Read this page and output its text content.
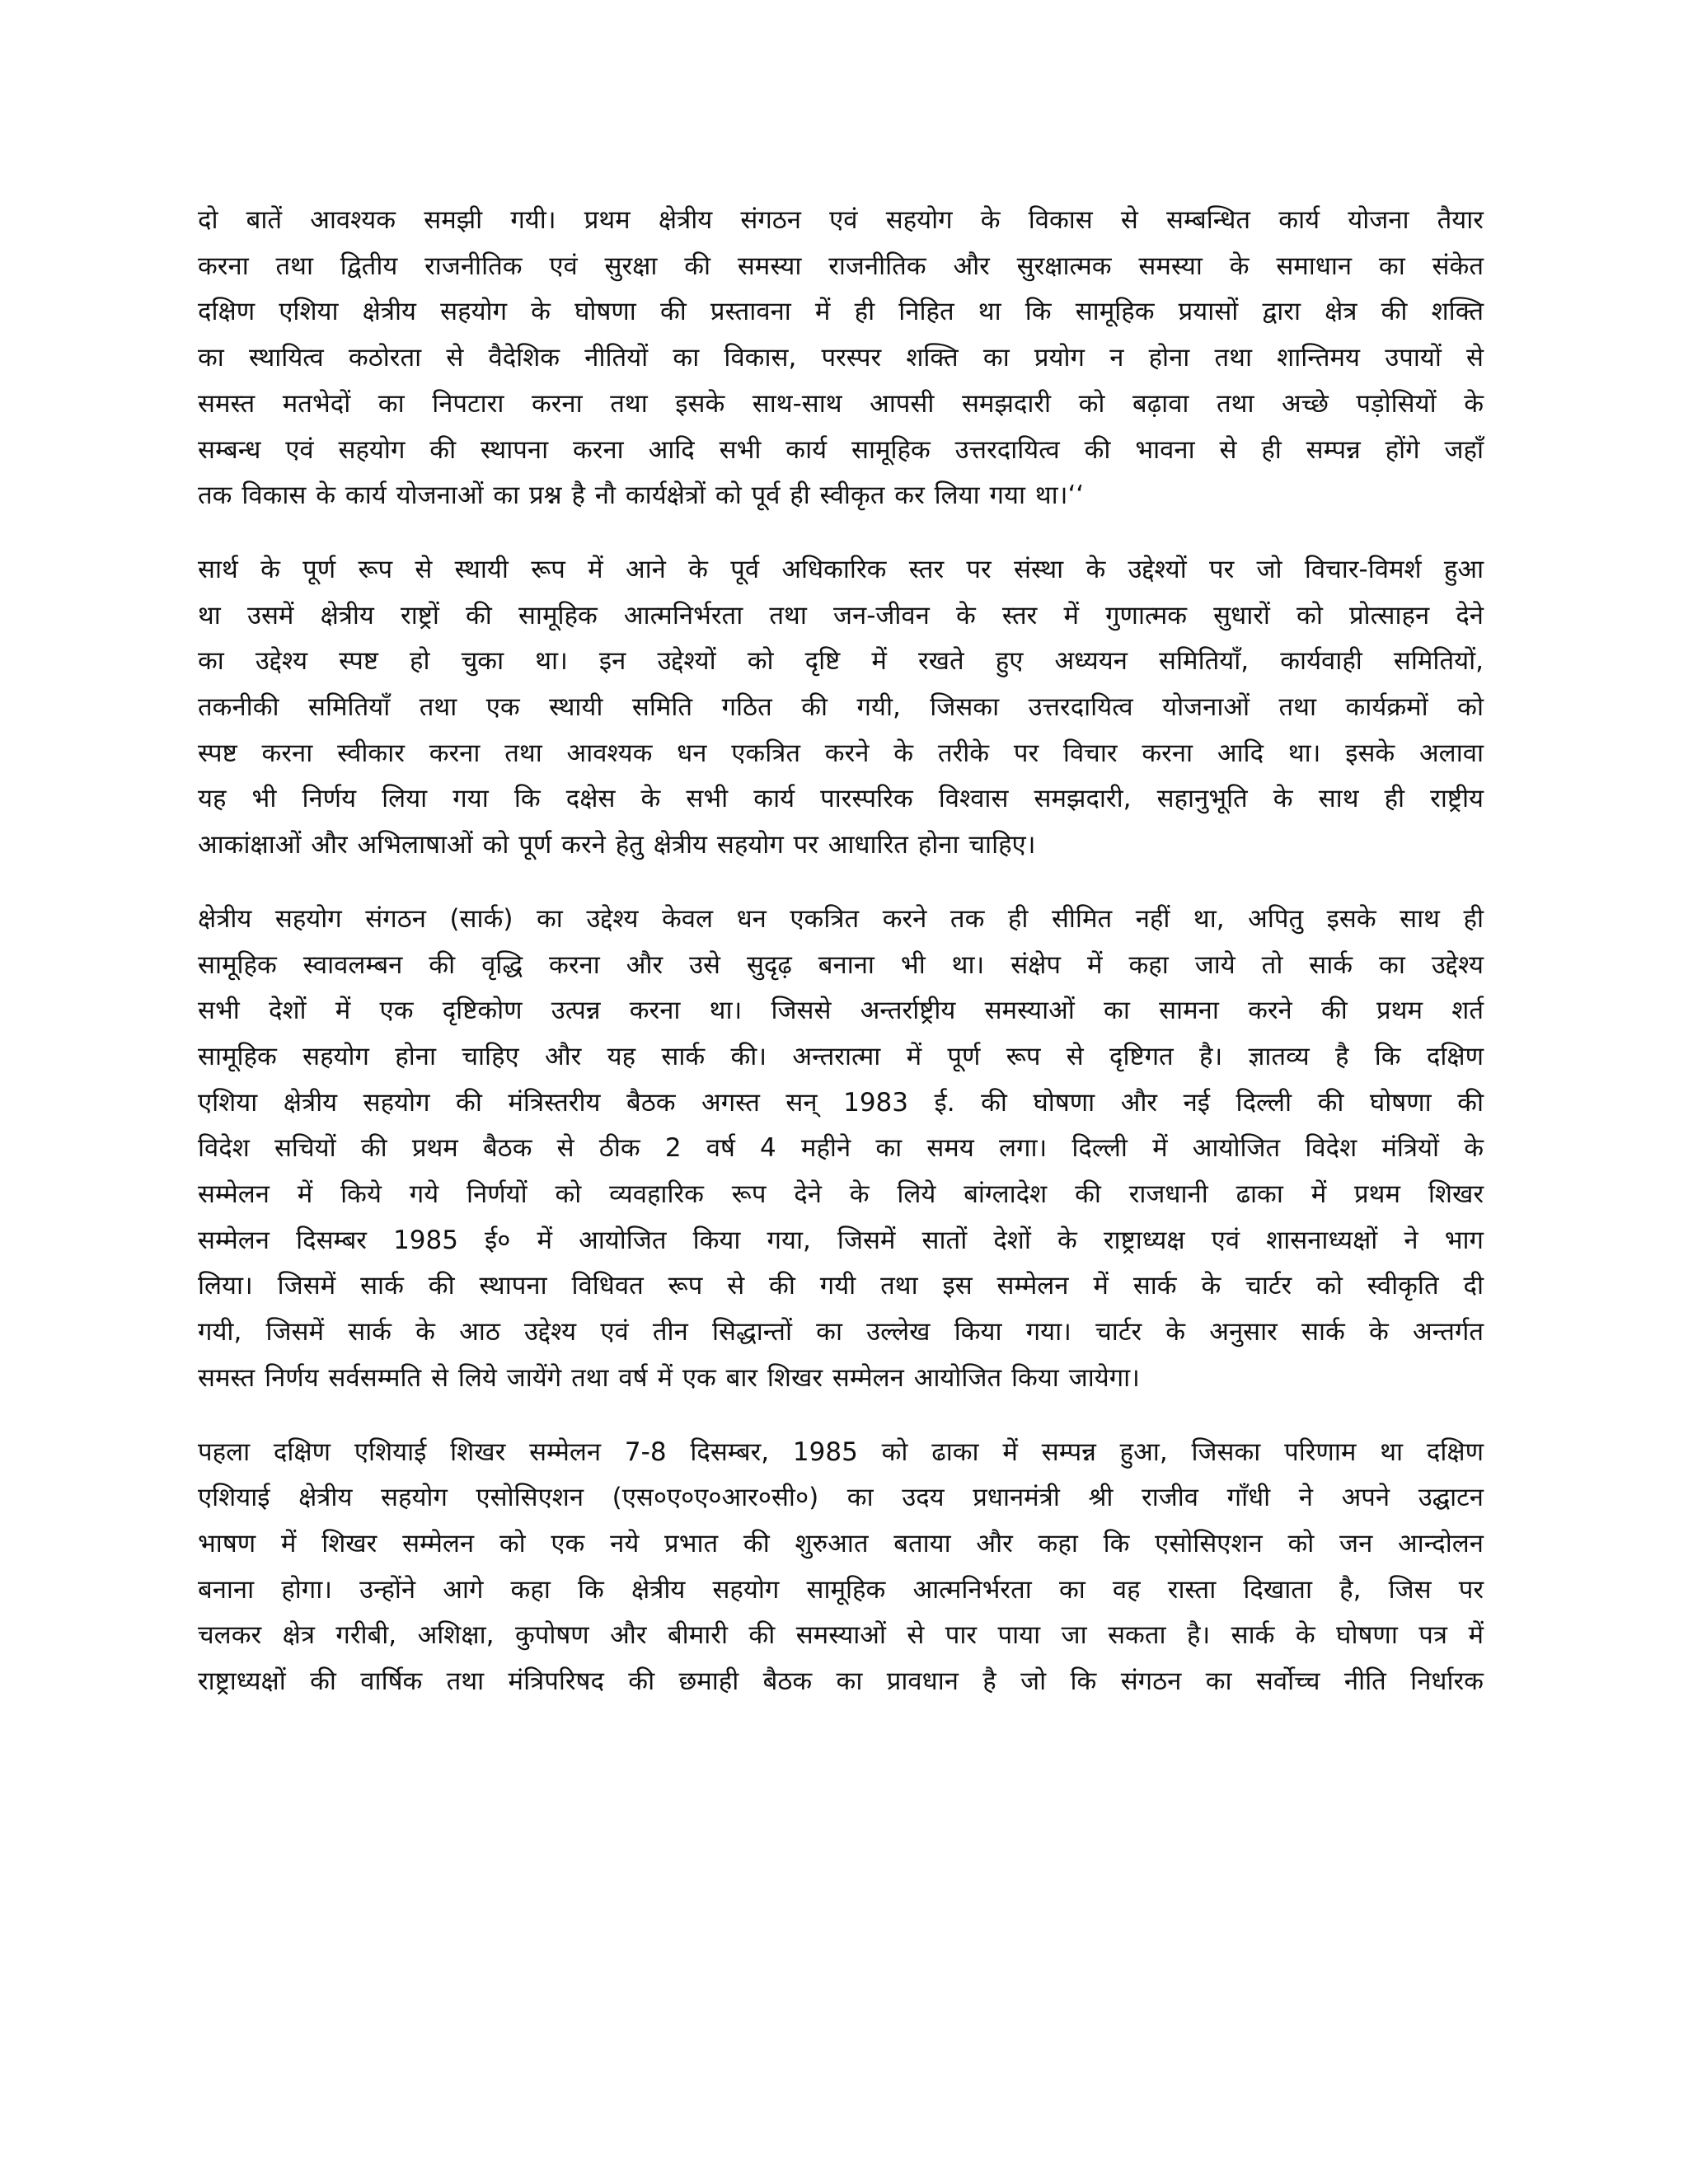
दो बातें आवश्यक समझी गयी। प्रथम क्षेत्रीय संगठन एवं सहयोग के विकास से सम्बन्धित कार्य योजना तैयार
करना तथा द्वितीय राजनीतिक एवं सुरक्षा की समस्या राजनीतिक और सुरक्षात्मक समस्या के समाधान का संकेत
दक्षिण एशिया क्षेत्रीय सहयोग के घोषणा की प्रस्तावना में ही निहित था कि सामूहिक प्रयासों द्वारा क्षेत्र की शक्ति
का स्थायित्व कठोरता से वैदेशिक नीतियों का विकास, परस्पर शक्ति का प्रयोग न होना तथा शान्तिमय उपायों से
समस्त मतभेदों का निपटारा करना तथा इसके साथ-साथ आपसी समझदारी को बढ़ावा तथा अच्छे पड़ोसियों के
सम्बन्ध एवं सहयोग की स्थापना करना आदि सभी कार्य सामूहिक उत्तरदायित्व की भावना से ही सम्पन्न होंगे जहाँ
तक विकास के कार्य योजनाओं का प्रश्न है नौ कार्यक्षेत्रों को पूर्व ही स्वीकृत कर लिया गया था।‘‘

सार्थ के पूर्ण रूप से स्थायी रूप में आने के पूर्व अधिकारिक स्तर पर संस्था के उद्देश्यों पर जो विचार-विमर्श हुआ
था उसमें क्षेत्रीय राष्ट्रों की सामूहिक आत्मनिर्भरता तथा जन-जीवन के स्तर में गुणात्मक सुधारों को प्रोत्साहन देने
का उद्देश्य स्पष्ट हो चुका था। इन उद्देश्यों को दृष्टि में रखते हुए अध्ययन समितियाँ, कार्यवाही समितियों,
तकनीकी समितियाँ तथा एक स्थायी समिति गठित की गयी, जिसका उत्तरदायित्व योजनाओं तथा कार्यक्रमों को
स्पष्ट करना स्वीकार करना तथा आवश्यक धन एकत्रित करने के तरीके पर विचार करना आदि था। इसके अलावा
यह भी निर्णय लिया गया कि दक्षेस के सभी कार्य पारस्परिक विश्वास समझदारी, सहानुभूति के साथ ही राष्ट्रीय
आकांक्षाओं और अभिलाषाओं को पूर्ण करने हेतु क्षेत्रीय सहयोग पर आधारित होना चाहिए।

क्षेत्रीय सहयोग संगठन (सार्क) का उद्देश्य केवल धन एकत्रित करने तक ही सीमित नहीं था, अपितु इसके साथ ही
सामूहिक स्वावलम्बन की वृद्धि करना और उसे सुदृढ़ बनाना भी था। संक्षेप में कहा जाये तो सार्क का उद्देश्य
सभी देशों में एक दृष्टिकोण उत्पन्न करना था। जिससे अन्तर्राष्ट्रीय समस्याओं का सामना करने की प्रथम शर्त
सामूहिक सहयोग होना चाहिए और यह सार्क की। अन्तरात्मा में पूर्ण रूप से दृष्टिगत है। ज्ञातव्य है कि दक्षिण
एशिया क्षेत्रीय सहयोग की मंत्रिस्तरीय बैठक अगस्त सन् 1983 ई. की घोषणा और नई दिल्ली की घोषणा की
विदेश सचियों की प्रथम बैठक से ठीक 2 वर्ष 4 महीने का समय लगा। दिल्ली में आयोजित विदेश मंत्रियों के
सम्मेलन में किये गये निर्णयों को व्यवहारिक रूप देने के लिये बांग्लादेश की राजधानी ढाका में प्रथम शिखर
सम्मेलन दिसम्बर 1985 ई० में आयोजित किया गया, जिसमें सातों देशों के राष्ट्राध्यक्ष एवं शासनाध्यक्षों ने भाग
लिया। जिसमें सार्क की स्थापना विधिवत रूप से की गयी तथा इस सम्मेलन में सार्क के चार्टर को स्वीकृति दी
गयी, जिसमें सार्क के आठ उद्देश्य एवं तीन सिद्धान्तों का उल्लेख किया गया। चार्टर के अनुसार सार्क के अन्तर्गत
समस्त निर्णय सर्वसम्मति से लिये जायेंगे तथा वर्ष में एक बार शिखर सम्मेलन आयोजित किया जायेगा।

पहला दक्षिण एशियाई शिखर सम्मेलन 7-8 दिसम्बर, 1985 को ढाका में सम्पन्न हुआ, जिसका परिणाम था दक्षिण
एशियाई क्षेत्रीय सहयोग एसोसिएशन (एस०ए०ए०आर०सी०) का उदय प्रधानमंत्री श्री राजीव गाँधी ने अपने उद्घाटन
भाषण में शिखर सम्मेलन को एक नये प्रभात की शुरुआत बताया और कहा कि एसोसिएशन को जन आन्दोलन
बनाना होगा। उन्होंने आगे कहा कि क्षेत्रीय सहयोग सामूहिक आत्मनिर्भरता का वह रास्ता दिखाता है, जिस पर
चलकर क्षेत्र गरीबी, अशिक्षा, कुपोषण और बीमारी की समस्याओं से पार पाया जा सकता है। सार्क के घोषणा पत्र में
राष्ट्राध्यक्षों की वार्षिक तथा मंत्रिपरिषद की छमाही बैठक का प्रावधान है जो कि संगठन का सर्वोच्च नीति निर्धारक
